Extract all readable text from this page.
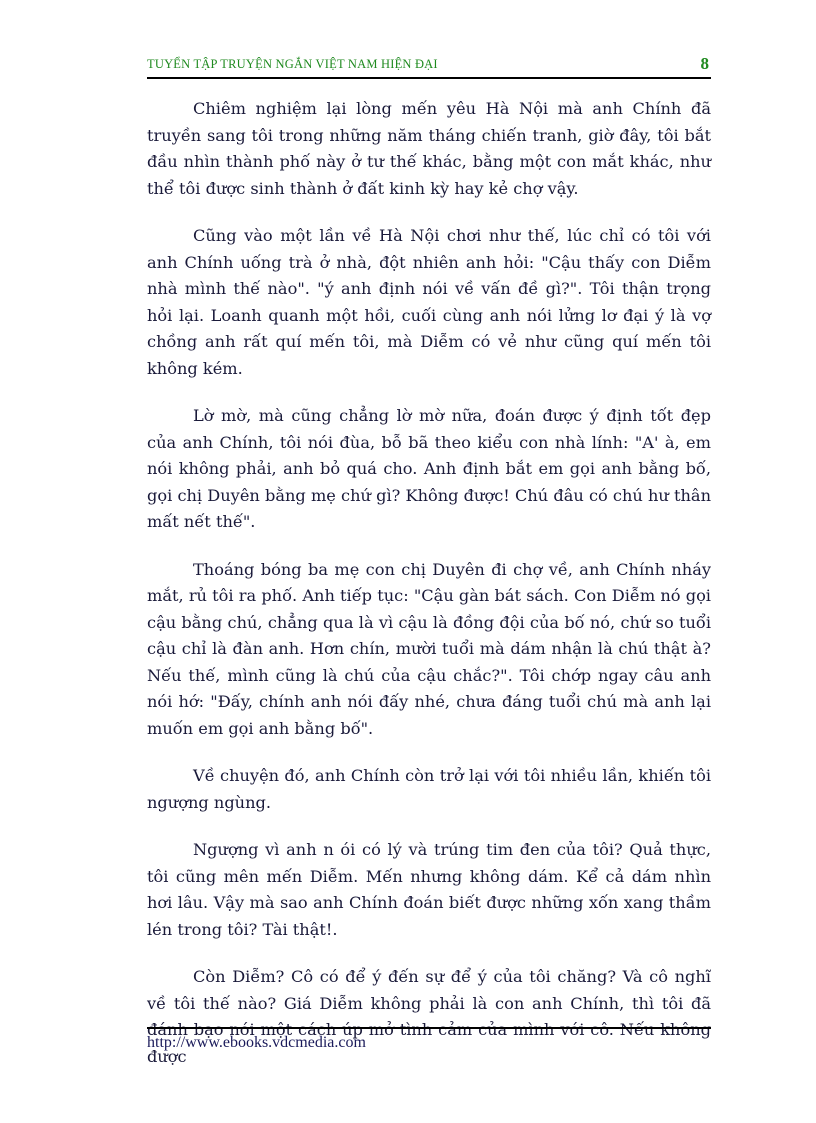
TUYỂN TẬP TRUYỆN NGẮN VIỆT NAM HIỆN ĐẠI	8

Chiêm nghiệm lại lòng mến yêu Hà Nội mà anh Chính đã truyền sang tôi trong những năm tháng chiến tranh, giờ đây, tôi bắt đầu nhìn thành phố này ở tư thế khác, bằng một con mắt khác, như thể tôi được sinh thành ở đất kinh kỳ hay kẻ chợ vậy.

Cũng vào một lần về Hà Nội chơi như thế, lúc chỉ có tôi với anh Chính uống trà ở nhà, đột nhiên anh hỏi: "Cậu thấy con Diễm nhà mình thế nào". "ý anh định nói về vấn đề gì?". Tôi thận trọng hỏi lại. Loanh quanh một hồi, cuối cùng anh nói lửng lơ đại ý là vợ chồng anh rất quí mến tôi, mà Diễm có vẻ như cũng quí mến tôi không kém.

Lờ mờ, mà cũng chẳng lờ mờ nữa, đoán được ý định tốt đẹp của anh Chính, tôi nói đùa, bỗ bã theo kiểu con nhà lính: "A' à, em nói không phải, anh bỏ quá cho. Anh định bắt em gọi anh bằng bố, gọi chị Duyên bằng mẹ chứ gì? Không được! Chú đâu có chú hư thân mất nết thế".

Thoáng bóng ba mẹ con chị Duyên đi chợ về, anh Chính nháy mắt, rủ tôi ra phố. Anh tiếp tục: "Cậu gàn bát sách. Con Diễm nó gọi cậu bằng chú, chẳng qua là vì cậu là đồng đội của bố nó, chứ so tuổi cậu chỉ là đàn anh. Hơn chín, mười tuổi mà dám nhận là chú thật à? Nếu thế, mình cũng là chú của cậu chắc?". Tôi chớp ngay câu anh nói hớ: "Đấy, chính anh nói đấy nhé, chưa đáng tuổi chú mà anh lại muốn em gọi anh bằng bố".

Về chuyện đó, anh Chính còn trở lại với tôi nhiều lần, khiến tôi ngượng ngùng.

Ngượng vì anh n ói có lý và trúng tim đen của tôi? Quả thực, tôi cũng mên mến Diễm. Mến nhưng không dám. Kể cả dám nhìn hơi lâu. Vậy mà sao anh Chính đoán biết được những xốn xang thầm lén trong tôi? Tài thật!.

Còn Diễm? Cô có để ý đến sự để ý của tôi chăng? Và cô nghĩ về tôi thế nào? Giá Diễm không phải là con anh Chính, thì tôi đã đánh bạo nói một cách úp mở tình cảm của mình với cô. Nếu không được

http://www.ebooks.vdcmedia.com
